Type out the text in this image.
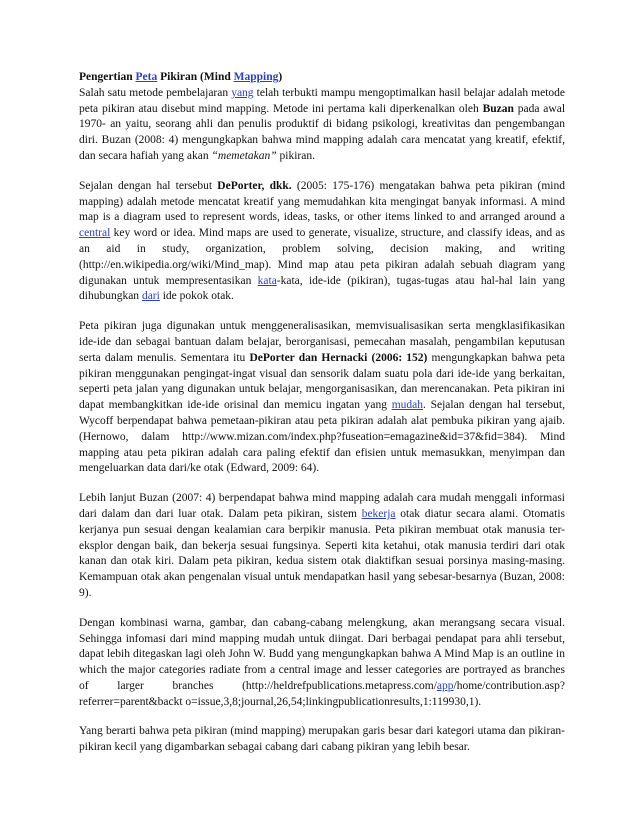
Pengertian Peta Pikiran (Mind Mapping)

Salah satu metode pembelajaran yang telah terbukti mampu mengoptimalkan hasil belajar adalah metode peta pikiran atau disebut mind mapping. Metode ini pertama kali diperkenalkan oleh Buzan pada awal 1970- an yaitu, seorang ahli dan penulis produktif di bidang psikologi, kreativitas dan pengembangan diri. Buzan (2008: 4) mengungkapkan bahwa mind mapping adalah cara mencatat yang kreatif, efektif, dan secara hafiah yang akan “memetakan” pikiran.

Sejalan dengan hal tersebut DePorter, dkk. (2005: 175-176) mengatakan bahwa peta pikiran (mind mapping) adalah metode mencatat kreatif yang memudahkan kita mengingat banyak informasi. A mind map is a diagram used to represent words, ideas, tasks, or other items linked to and arranged around a central key word or idea. Mind maps are used to generate, visualize, structure, and classify ideas, and as an aid in study, organization, problem solving, decision making, and writing (http://en.wikipedia.org/wiki/Mind_map). Mind map atau peta pikiran adalah sebuah diagram yang digunakan untuk mempresentasikan kata-kata, ide-ide (pikiran), tugas-tugas atau hal-hal lain yang dihubungkan dari ide pokok otak.

Peta pikiran juga digunakan untuk menggeneralisasikan, memvisualisasikan serta mengklasifikasikan ide-ide dan sebagai bantuan dalam belajar, berorganisasi, pemecahan masalah, pengambilan keputusan serta dalam menulis. Sementara itu DePorter dan Hernacki (2006: 152) mengungkapkan bahwa peta pikiran menggunakan pengingat-ingat visual dan sensorik dalam suatu pola dari ide-ide yang berkaitan, seperti peta jalan yang digunakan untuk belajar, mengorganisasikan, dan merencanakan. Peta pikiran ini dapat membangkitkan ide-ide orisinal dan memicu ingatan yang mudah. Sejalan dengan hal tersebut, Wycoff berpendapat bahwa pemetaan-pikiran atau peta pikiran adalah alat pembuka pikiran yang ajaib. (Hernowo, dalam http://www.mizan.com/index.php?fuseation=emagazine&id=37&fid=384). Mind mapping atau peta pikiran adalah cara paling efektif dan efisien untuk memasukkan, menyimpan dan mengeluarkan data dari/ke otak (Edward, 2009: 64).

Lebih lanjut Buzan (2007: 4) berpendapat bahwa mind mapping adalah cara mudah menggali informasi dari dalam dan dari luar otak. Dalam peta pikiran, sistem bekerja otak diatur secara alami. Otomatis kerjanya pun sesuai dengan kealamian cara berpikir manusia. Peta pikiran membuat otak manusia ter-eksplor dengan baik, dan bekerja sesuai fungsinya. Seperti kita ketahui, otak manusia terdiri dari otak kanan dan otak kiri. Dalam peta pikiran, kedua sistem otak diaktifkan sesuai porsinya masing-masing. Kemampuan otak akan pengenalan visual untuk mendapatkan hasil yang sebesar-besarnya (Buzan, 2008: 9).

Dengan kombinasi warna, gambar, dan cabang-cabang melengkung, akan merangsang secara visual. Sehingga infomasi dari mind mapping mudah untuk diingat. Dari berbagai pendapat para ahli tersebut, dapat lebih ditegaskan lagi oleh John W. Budd yang mengungkapkan bahwa A Mind Map is an outline in which the major categories radiate from a central image and lesser categories are portrayed as branches of larger branches (http://heldrefpublications.metapress.com/app/home/contribution.asp?referrer=parent&backt o=issue,3,8;journal,26,54;linkingpublicationresults,1:119930,1).

Yang berarti bahwa peta pikiran (mind mapping) merupakan garis besar dari kategori utama dan pikiran-pikiran kecil yang digambarkan sebagai cabang dari cabang pikiran yang lebih besar.
